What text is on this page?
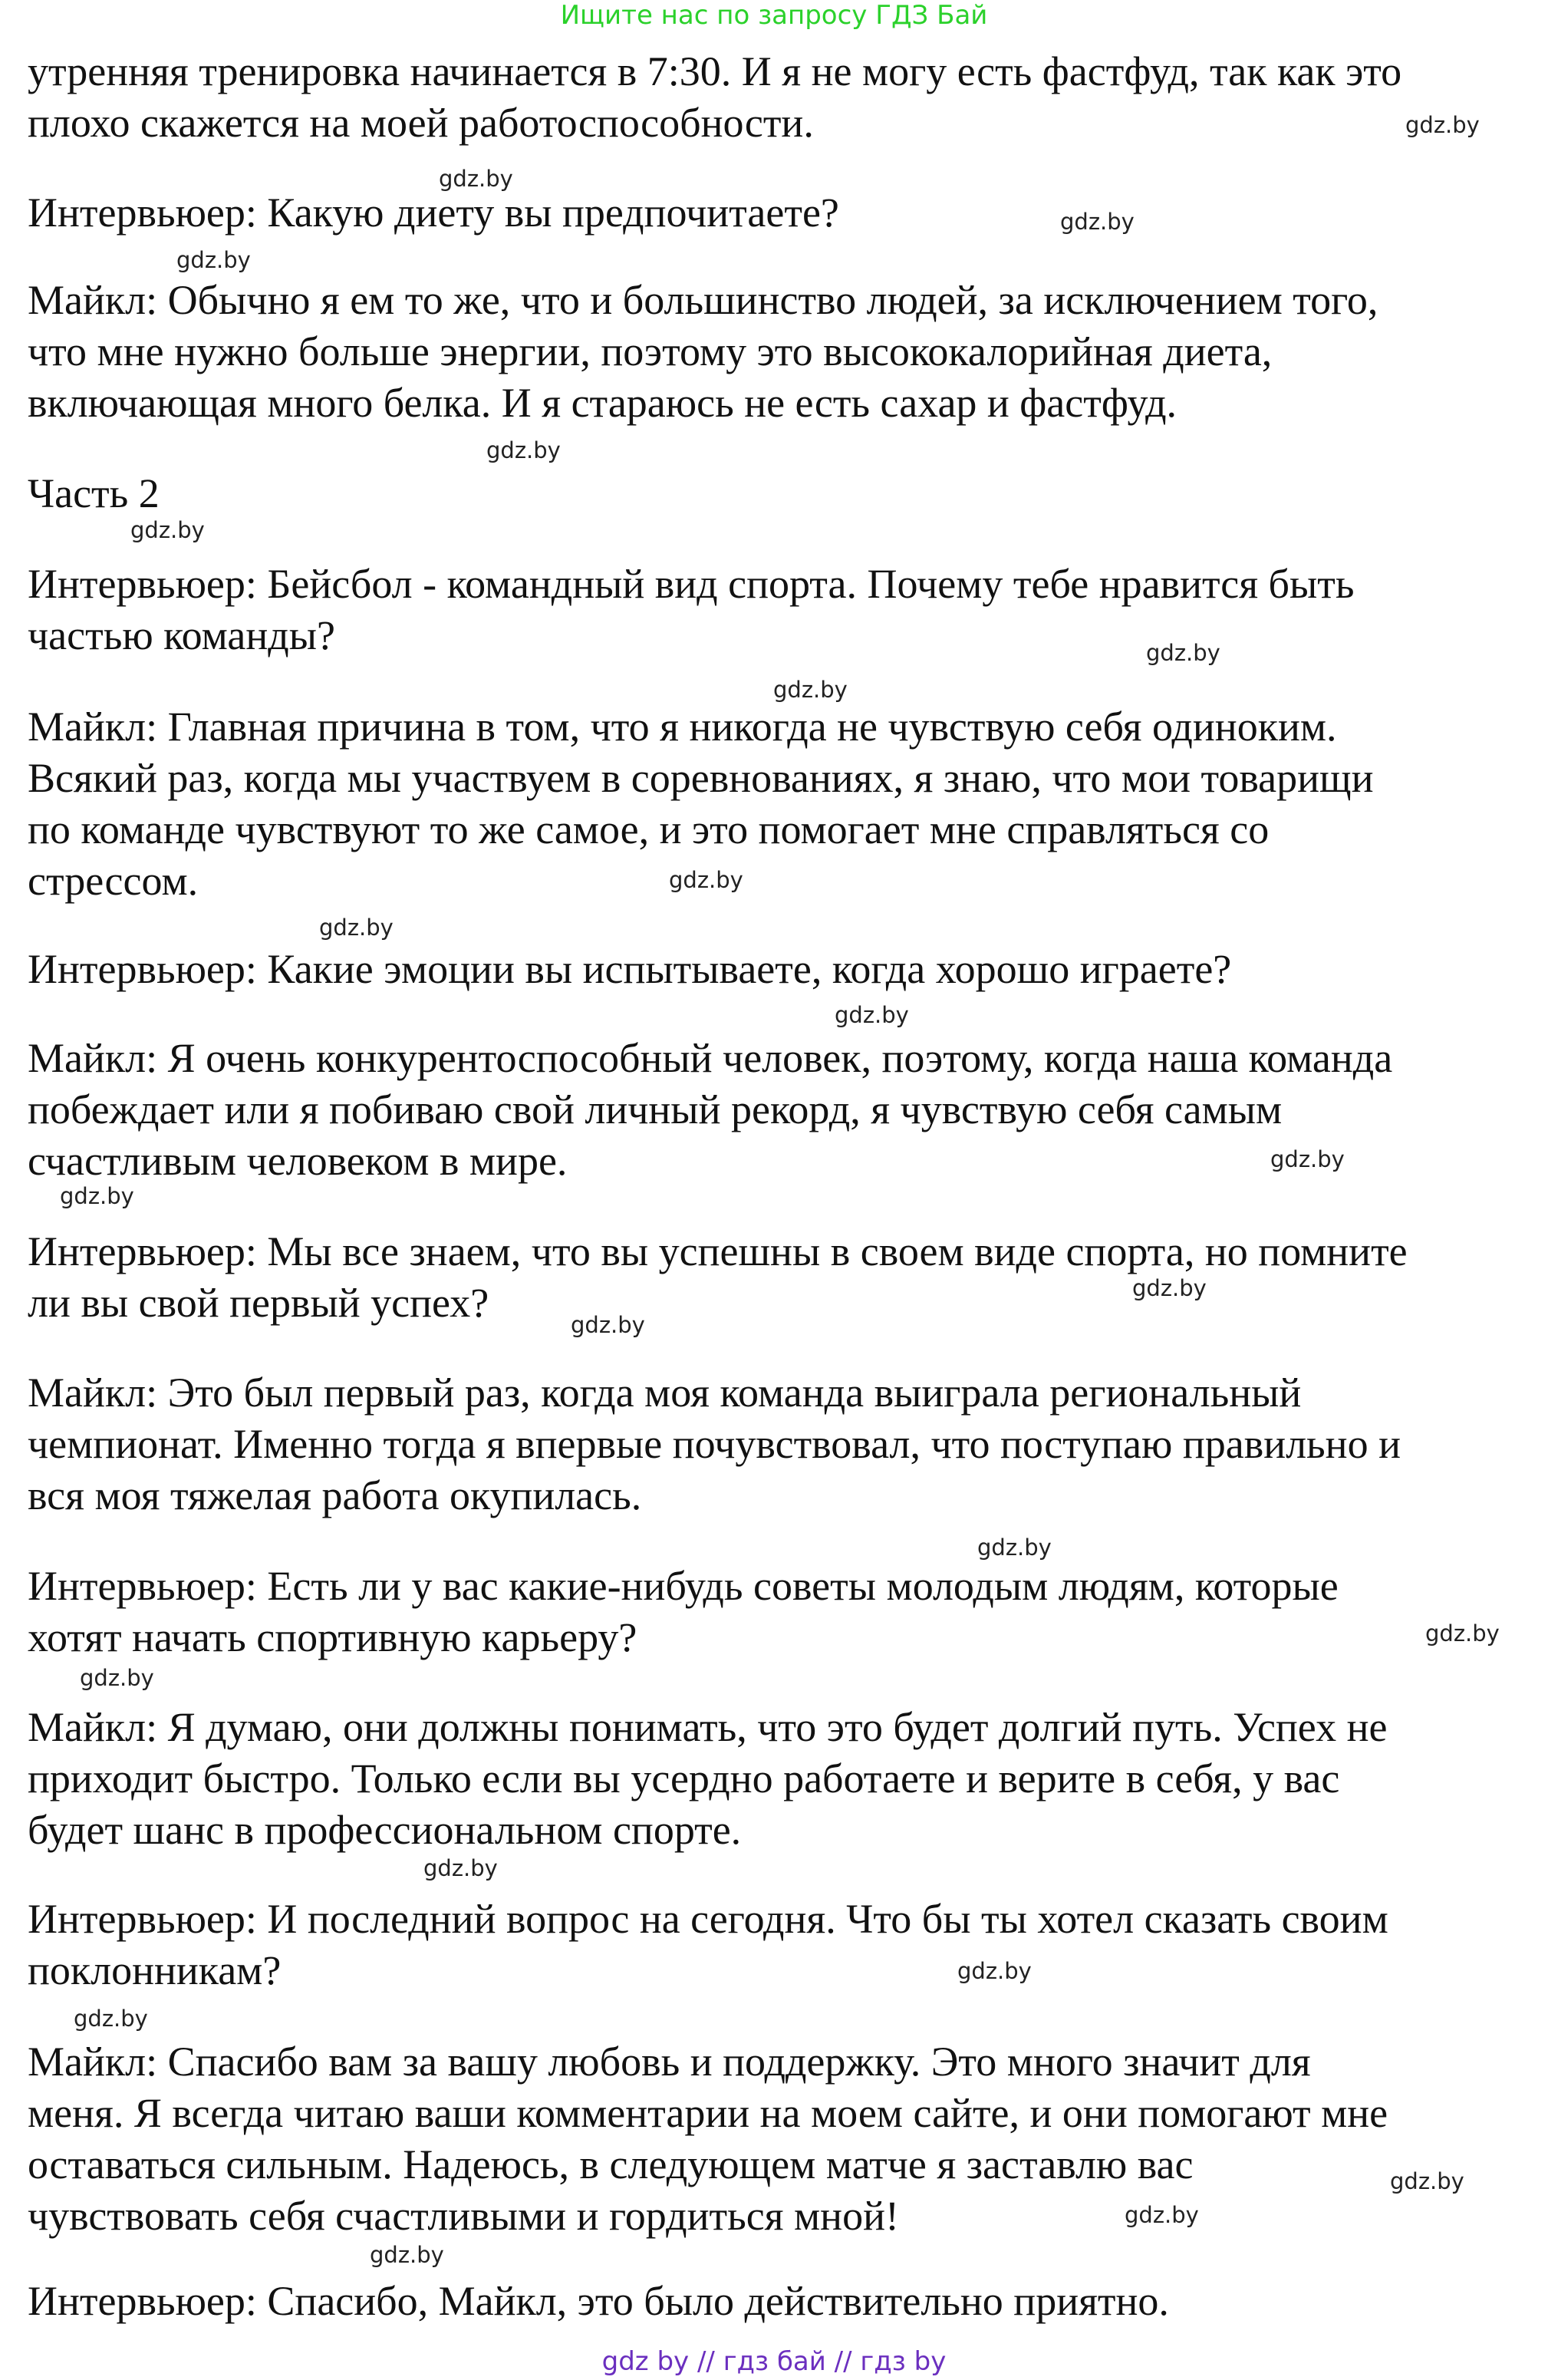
Ищите нас по запросу ГДЗ Бай
утренняя тренировка начинается в 7:30. И я не могу есть фастфуд, так как это
плохо скажется на моей работоспособности.
Интервьюер: Какую диету вы предпочитаете?
Майкл: Обычно я ем то же, что и большинство людей, за исключением того,
что мне нужно больше энергии, поэтому это высококалорийная диета,
включающая много белка. И я стараюсь не есть сахар и фастфуд.
Часть 2
Интервьюер: Бейсбол - командный вид спорта. Почему тебе нравится быть
частью команды?
Майкл: Главная причина в том, что я никогда не чувствую себя одиноким.
Всякий раз, когда мы участвуем в соревнованиях, я знаю, что мои товарищи
по команде чувствуют то же самое, и это помогает мне справляться со
стрессом.
Интервьюер: Какие эмоции вы испытываете, когда хорошо играете?
Майкл: Я очень конкурентоспособный человек, поэтому, когда наша команда
побеждает или я побиваю свой личный рекорд, я чувствую себя самым
счастливым человеком в мире.
Интервьюер: Мы все знаем, что вы успешны в своем виде спорта, но помните
ли вы свой первый успех?
Майкл: Это был первый раз, когда моя команда выиграла региональный
чемпионат. Именно тогда я впервые почувствовал, что поступаю правильно и
вся моя тяжелая работа окупилась.
Интервьюер: Есть ли у вас какие-нибудь советы молодым людям, которые
хотят начать спортивную карьеру?
Майкл: Я думаю, они должны понимать, что это будет долгий путь. Успех не
приходит быстро. Только если вы усердно работаете и верите в себя, у вас
будет шанс в профессиональном спорте.
Интервьюер: И последний вопрос на сегодня. Что бы ты хотел сказать своим
поклонникам?
Майкл: Спасибо вам за вашу любовь и поддержку. Это много значит для
меня. Я всегда читаю ваши комментарии на моем сайте, и они помогают мне
оставаться сильным. Надеюсь, в следующем матче я заставлю вас
чувствовать себя счастливыми и гордиться мной!
Интервьюер: Спасибо, Майкл, это было действительно приятно.
gdz.by
gdz.by
gdz.by
gdz.by
gdz.by
gdz.by
gdz.by
gdz.by
gdz.by
gdz.by
gdz.by
gdz.by
gdz.by
gdz.by
gdz.by
gdz.by
gdz.by
gdz.by
gdz.by
gdz.by
gdz.by
gdz.by
gdz.by
gdz.by
gdz by // гдз бай // гдз by
